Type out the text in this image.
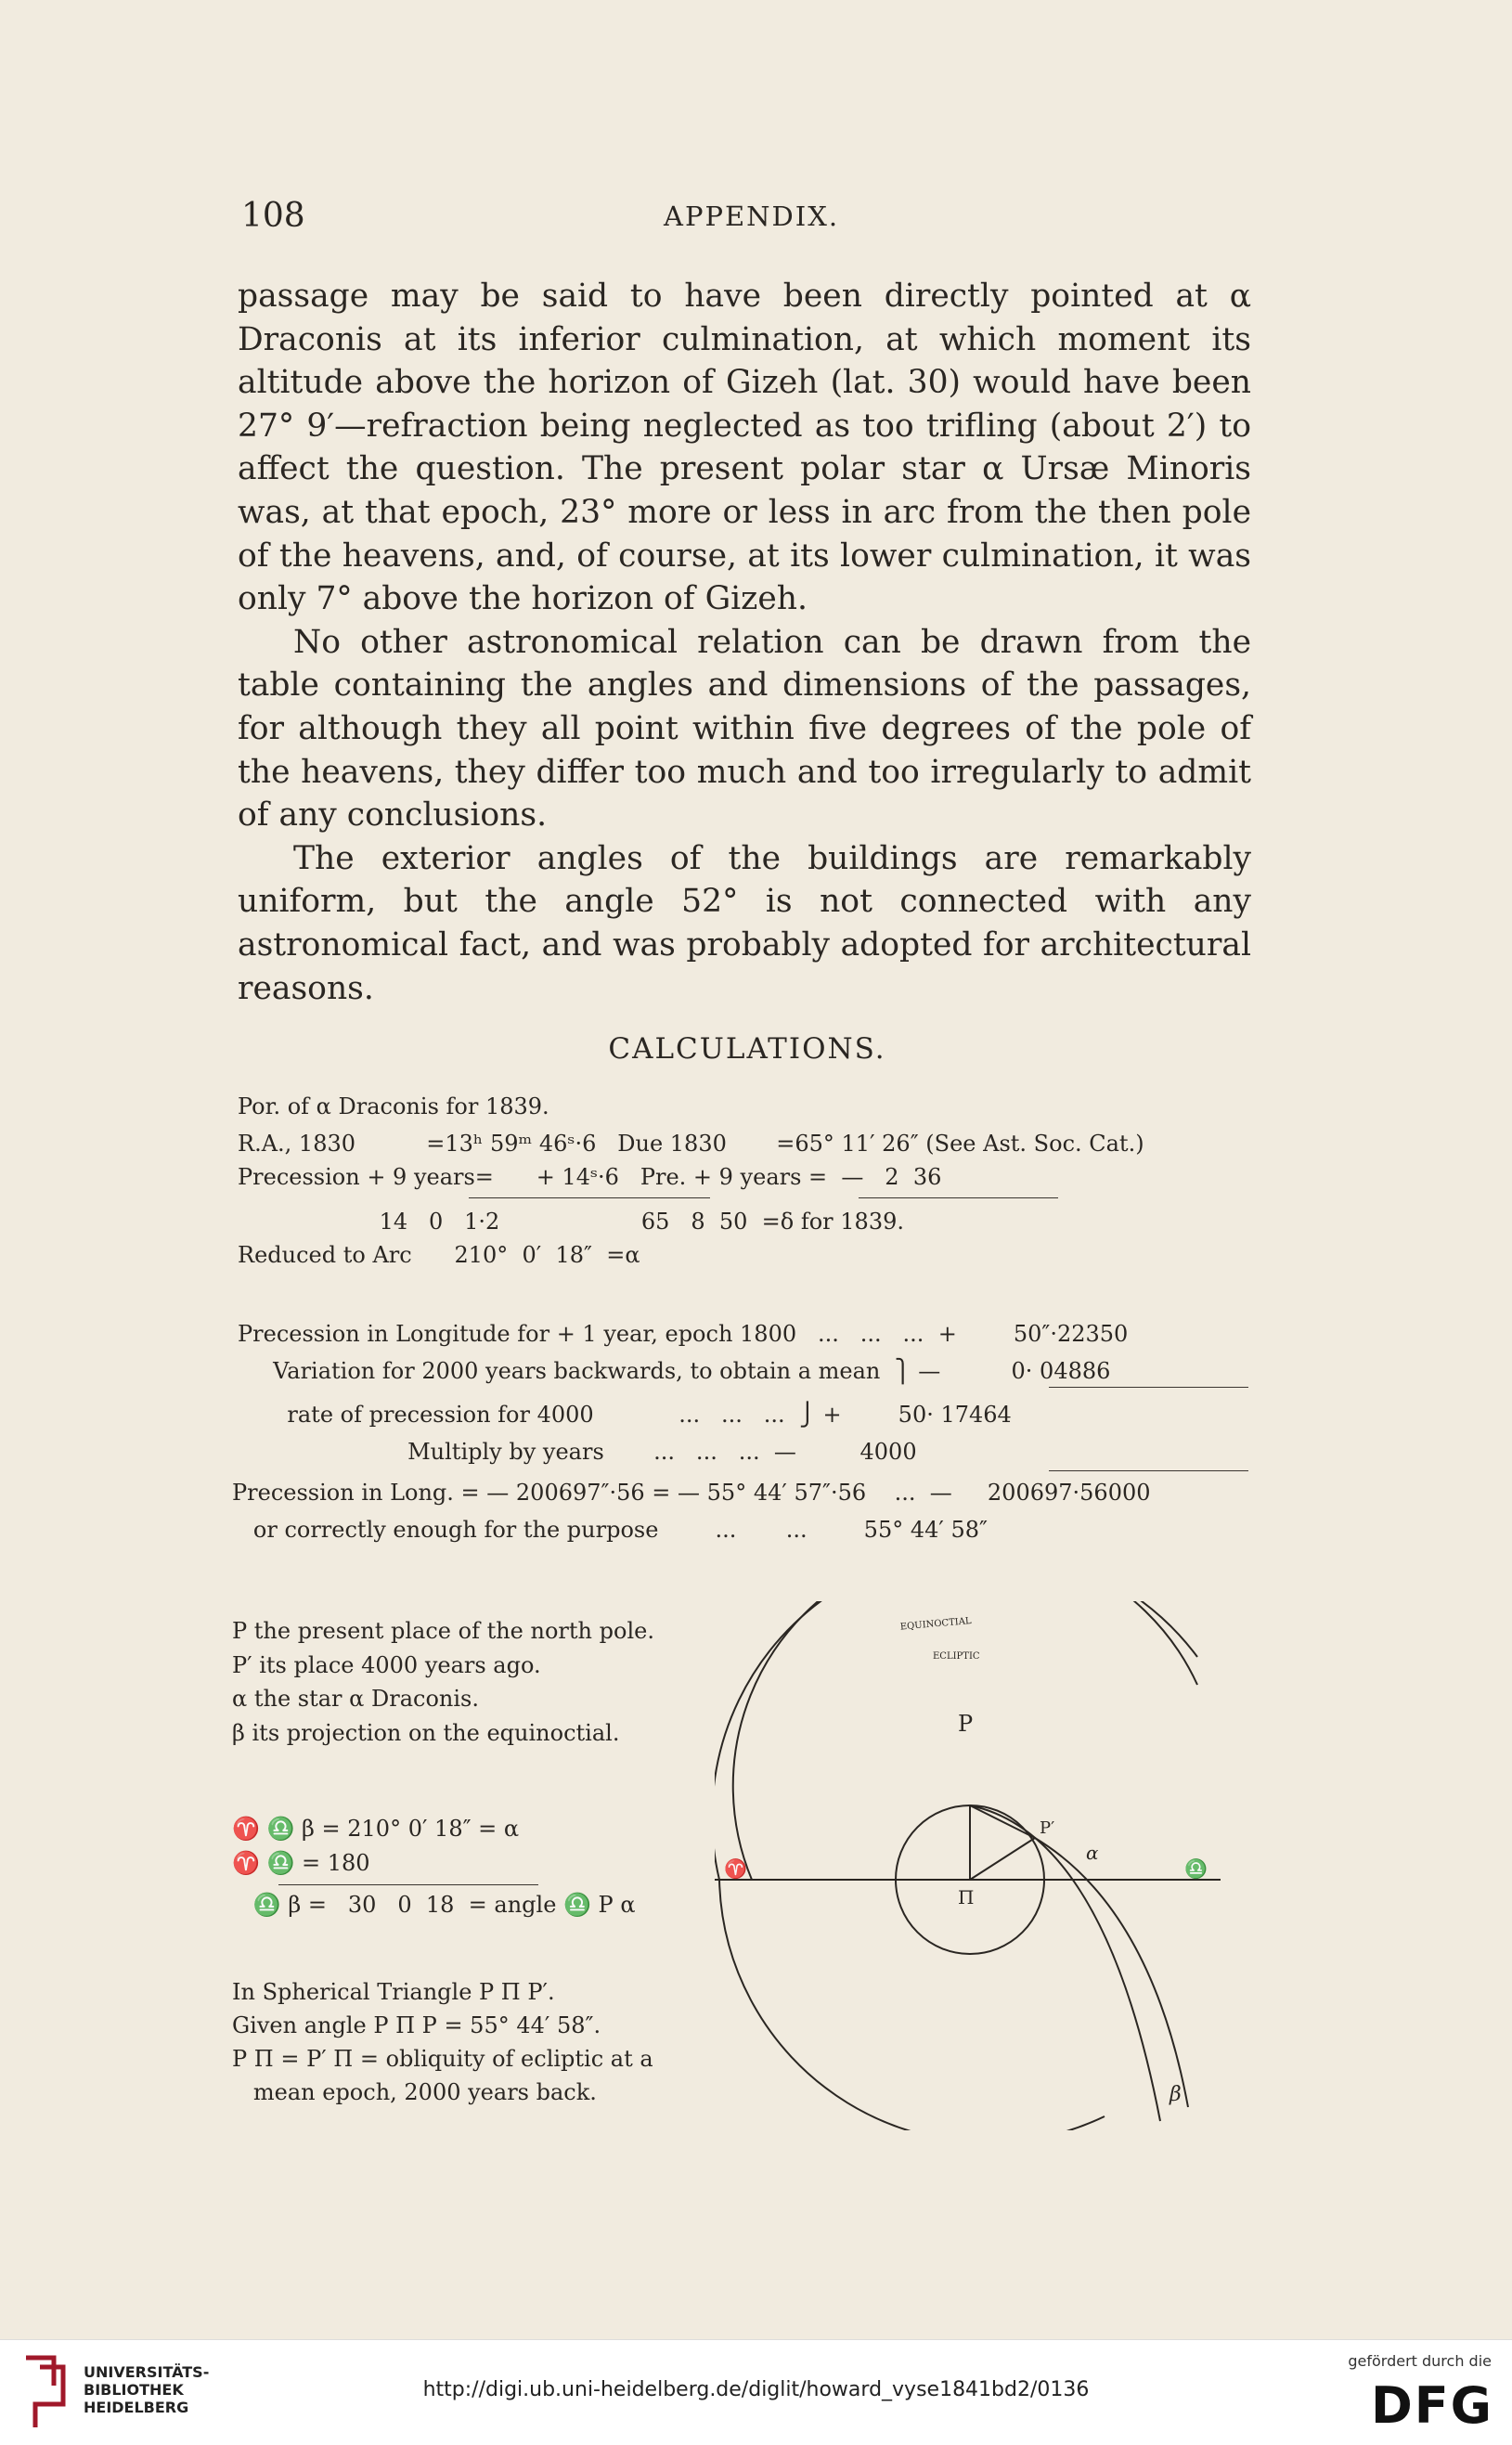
108	APPENDIX.

passage may be said to have been directly pointed at α Draconis at its inferior culmination, at which moment its altitude above the horizon of Gizeh (lat. 30) would have been 27° 9′—refraction being neglected as too trifling (about 2′) to affect the question. The present polar star α Ursæ Minoris was, at that epoch, 23° more or less in arc from the then pole of the heavens, and, of course, at its lower culmination, it was only 7° above the horizon of Gizeh.

No other astronomical relation can be drawn from the table containing the angles and dimensions of the passages, for although they all point within five degrees of the pole of the heavens, they differ too much and too irregularly to admit of any conclusions.

The exterior angles of the buildings are remarkably uniform, but the angle 52° is not connected with any astronomical fact, and was probably adopted for architectural reasons.

CALCULATIONS.
Por. of α Draconis for 1839.
R.A., 1830          =13ʰ 59ᵐ 46ˢ·6   Due 1830       =65° 11′ 26″ (See Ast. Soc. Cat.)
Precession + 9 years=      + 14ˢ·6   Pre. + 9 years =  —   2  36
14   0   1·2                    65   8  50  =δ for 1839.
Reduced to Arc      210°  0′  18″  =α
Precession in Longitude for + 1 year, epoch 1800   ...   ...   ...  +        50″·22350
Variation for 2000 years backwards, to obtain a mean  ⎫ —          0· 04886
rate of precession for 4000            ...   ...   ...  ⎭ +        50· 17464
Multiply by years       ...   ...   ...  —         4000
Precession in Long. = — 200697″·56 = — 55° 44′ 57″·56    ...  —     200697·56000
or correctly enough for the purpose        ...       ...        55° 44′ 58″
P the present place of the north pole.
P′ its place 4000 years ago.
α the star α Draconis.
β its projection on the equinoctial.
♈ ♎ β = 210° 0′ 18″ = α
♈ ♎ = 180
♎ β =   30   0  18  = angle ♎ P α
In Spherical Triangle P Π P′.
Given angle P Π P = 55° 44′ 58″.
P Π = P′ Π = obliquity of ecliptic at a
mean epoch, 2000 years back.
EQUINOCTIAL
ECLIPTIC
P
Π
P′
α
β
♈	♎
UNIVERSITÄTS-
BIBLIOTHEK
HEIDELBERG
http://digi.ub.uni-heidelberg.de/diglit/howard_vyse1841bd2/0136
gefördert durch die
DFG
